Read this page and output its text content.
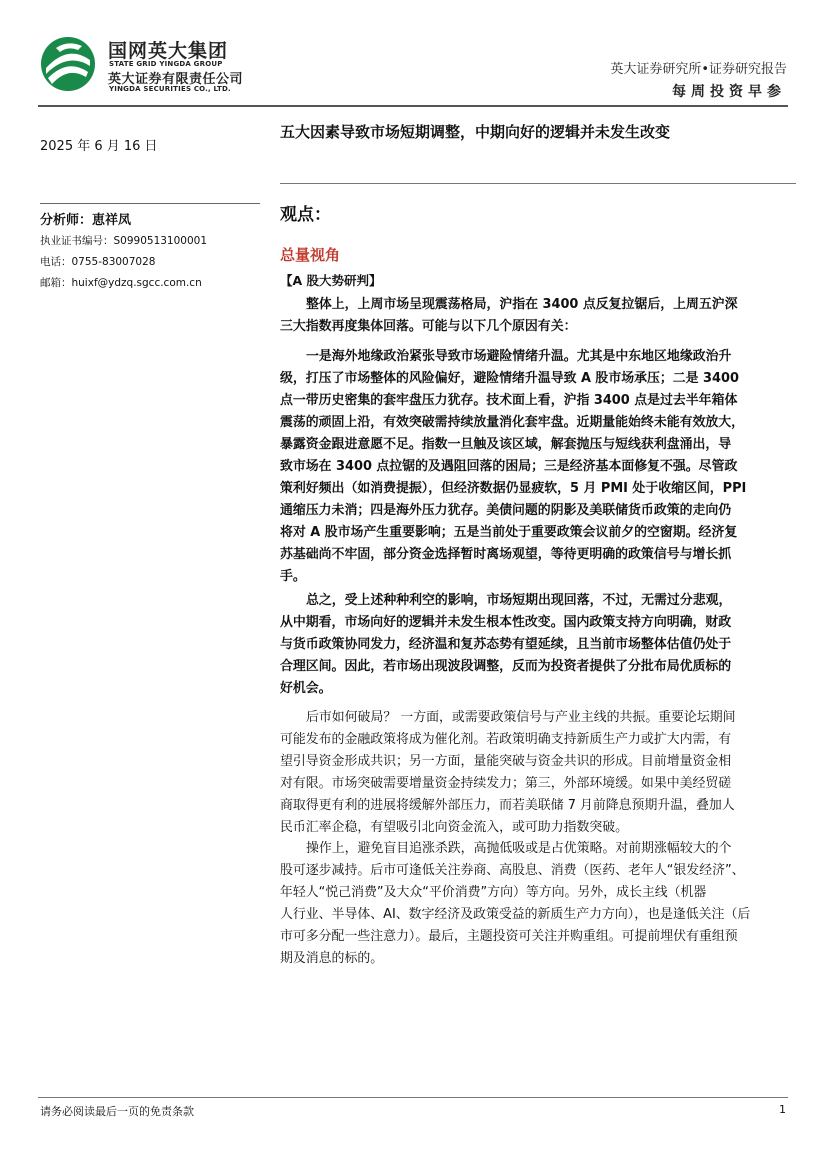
国网英大集团
STATE GRID YINGDA GROUP
英大证券有限责任公司
YINGDA SECURITIES CO., LTD.
英大证券研究所•证券研究报告
每周投资早参
2025 年 6 月 16 日
分析师：恵祥凤
执业证书编号：S0990513100001
电话：0755-83007028
邮箱：huixf@ydzq.sgcc.com.cn
五大因素导致市场短期调整，中期向好的逻辑并未发生改变
观点：
总量视角
【A 股大势研判】
整体上，上周市场呈现震荡格局，沪指在 3400 点反复拉锯后，上周五沪深
三大指数再度集体回落。可能与以下几个原因有关：
一是海外地缘政治紧张导致市场避险情绪升温。尤其是中东地区地缘政治升
级，打压了市场整体的风险偏好，避险情绪升温导致 A 股市场承压；二是 3400
点一带历史密集的套牢盘压力犹存。技术面上看，沪指 3400 点是过去半年箱体
震荡的顽固上沿，有效突破需持续放量消化套牢盘。近期量能始终未能有效放大，
暴露资金跟进意愿不足。指数一旦触及该区域，解套抛压与短线获利盘涌出，导
致市场在 3400 点拉锯的及遇阻回落的困局；三是经济基本面修复不强。尽管政
策利好频出（如消费提振），但经济数据仍显疲软，5 月 PMI 处于收缩区间，PPI
通缩压力未消；四是海外压力犹存。美债问题的阴影及美联储货币政策的走向仍
将对 A 股市场产生重要影响；五是当前处于重要政策会议前夕的空窗期。经济复
苏基础尚不牢固，部分资金选择暂时离场观望，等待更明确的政策信号与增长抓
手。
总之，受上述种种利空的影响，市场短期出现回落，不过，无需过分悲观，
从中期看，市场向好的逻辑并未发生根本性改变。国内政策支持方向明确，财政
与货币政策协同发力，经济温和复苏态势有望延续，且当前市场整体估值仍处于
合理区间。因此，若市场出现波段调整，反而为投资者提供了分批布局优质标的
好机会。
后市如何破局？ 一方面，或需要政策信号与产业主线的共振。重要论坛期间
可能发布的金融政策将成为催化剂。若政策明确支持新质生产力或扩大内需，有
望引导资金形成共识；另一方面，量能突破与资金共识的形成。目前增量资金相
对有限。市场突破需要增量资金持续发力；第三，外部环境缓。如果中美经贸磋
商取得更有利的进展将缓解外部压力，而若美联储 7 月前降息预期升温，叠加人
民币汇率企稳，有望吸引北向资金流入，或可助力指数突破。
操作上，避免盲目追涨杀跌，高抛低吸或是占优策略。对前期涨幅较大的个
股可逐步减持。后市可逢低关注券商、高股息、消费（医药、老年人“银发经济”、
年轻人“悦己消费”及大众“平价消费”方向）等方向。另外，成长主线（机器
人行业、半导体、AI、数字经济及政策受益的新质生产力方向），也是逢低关注（后
市可多分配一些注意力）。最后，主题投资可关注并购重组。可提前埋伏有重组预
期及消息的标的。
请务必阅读最后一页的免责条款	1
